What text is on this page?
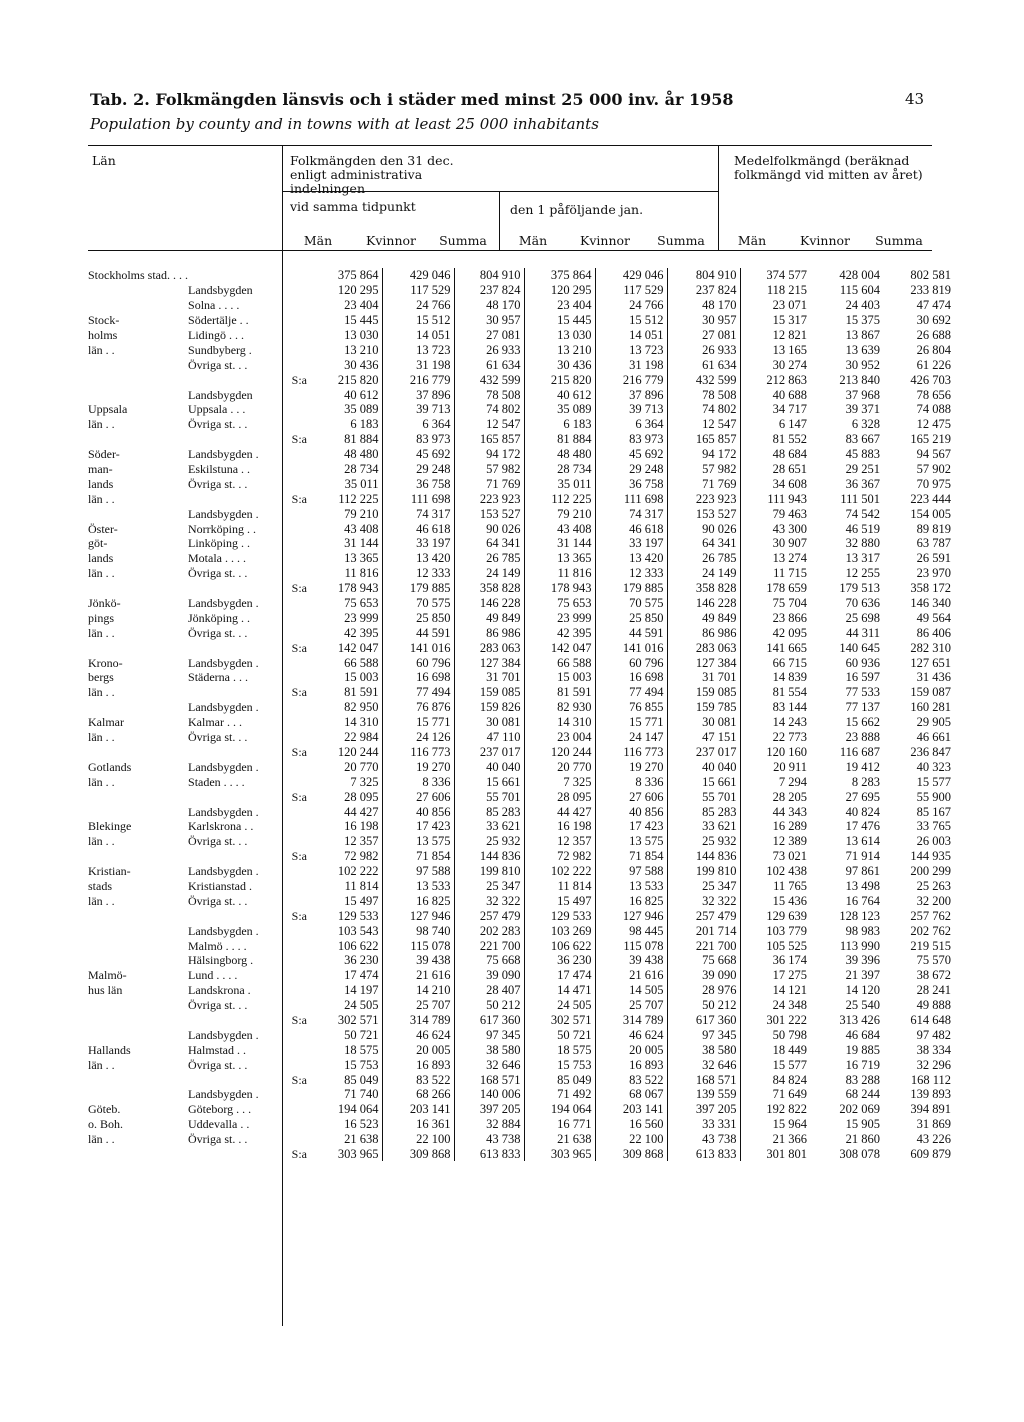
Tab. 2. Folkmängden länsvis och i städer med minst 25 000 inv. år 1958	43
Population by county and in towns with at least 25 000 inhabitants
Län	Folkmängden den 31 dec. enligt administrativa indelningen
Medelfolkmängd (beräknad folkmängd vid mitten av året)
vid samma tidpunkt	den 1 påföljande jan.
Män	Kvinnor	Summa	Män	Kvinnor	Summa	Män	Kvinnor	Summa
Stockholms stad. . . .		375 864	429 046	804 910	375 864	429 046	804 910	374 577	428 004	802 581
	Landsbygden	120 295	117 529	237 824	120 295	117 529	237 824	118 215	115 604	233 819
	Solna . . . .	23 404	24 766	48 170	23 404	24 766	48 170	23 071	24 403	47 474
Stock-	Södertälje . .	15 445	15 512	30 957	15 445	15 512	30 957	15 317	15 375	30 692
holms	Lidingö . . .	13 030	14 051	27 081	13 030	14 051	27 081	12 821	13 867	26 688
län . .	Sundbyberg .	13 210	13 723	26 933	13 210	13 723	26 933	13 165	13 639	26 804
	Övriga st. . .	30 436	31 198	61 634	30 436	31 198	61 634	30 274	30 952	61 226
	S:a	215 820	216 779	432 599	215 820	216 779	432 599	212 863	213 840	426 703
	Landsbygden	40 612	37 896	78 508	40 612	37 896	78 508	40 688	37 968	78 656
Uppsala	Uppsala . . .	35 089	39 713	74 802	35 089	39 713	74 802	34 717	39 371	74 088
län . .	Övriga st. . .	6 183	6 364	12 547	6 183	6 364	12 547	6 147	6 328	12 475
	S:a	81 884	83 973	165 857	81 884	83 973	165 857	81 552	83 667	165 219
Söder-	Landsbygden .	48 480	45 692	94 172	48 480	45 692	94 172	48 684	45 883	94 567
man-	Eskilstuna . .	28 734	29 248	57 982	28 734	29 248	57 982	28 651	29 251	57 902
lands	Övriga st. . .	35 011	36 758	71 769	35 011	36 758	71 769	34 608	36 367	70 975
län . .	S:a	112 225	111 698	223 923	112 225	111 698	223 923	111 943	111 501	223 444
	Landsbygden .	79 210	74 317	153 527	79 210	74 317	153 527	79 463	74 542	154 005
Öster-	Norrköping . .	43 408	46 618	90 026	43 408	46 618	90 026	43 300	46 519	89 819
göt-	Linköping . .	31 144	33 197	64 341	31 144	33 197	64 341	30 907	32 880	63 787
lands	Motala . . . .	13 365	13 420	26 785	13 365	13 420	26 785	13 274	13 317	26 591
län . .	Övriga st. . .	11 816	12 333	24 149	11 816	12 333	24 149	11 715	12 255	23 970
	S:a	178 943	179 885	358 828	178 943	179 885	358 828	178 659	179 513	358 172
Jönkö-	Landsbygden .	75 653	70 575	146 228	75 653	70 575	146 228	75 704	70 636	146 340
pings	Jönköping . .	23 999	25 850	49 849	23 999	25 850	49 849	23 866	25 698	49 564
län . .	Övriga st. . .	42 395	44 591	86 986	42 395	44 591	86 986	42 095	44 311	86 406
	S:a	142 047	141 016	283 063	142 047	141 016	283 063	141 665	140 645	282 310
Krono-	Landsbygden .	66 588	60 796	127 384	66 588	60 796	127 384	66 715	60 936	127 651
bergs	Städerna . . .	15 003	16 698	31 701	15 003	16 698	31 701	14 839	16 597	31 436
län . .	S:a	81 591	77 494	159 085	81 591	77 494	159 085	81 554	77 533	159 087
	Landsbygden .	82 950	76 876	159 826	82 930	76 855	159 785	83 144	77 137	160 281
Kalmar	Kalmar . . .	14 310	15 771	30 081	14 310	15 771	30 081	14 243	15 662	29 905
län . .	Övriga st. . .	22 984	24 126	47 110	23 004	24 147	47 151	22 773	23 888	46 661
	S:a	120 244	116 773	237 017	120 244	116 773	237 017	120 160	116 687	236 847
Gotlands	Landsbygden .	20 770	19 270	40 040	20 770	19 270	40 040	20 911	19 412	40 323
län . .	Staden . . . .	7 325	8 336	15 661	7 325	8 336	15 661	7 294	8 283	15 577
	S:a	28 095	27 606	55 701	28 095	27 606	55 701	28 205	27 695	55 900
	Landsbygden .	44 427	40 856	85 283	44 427	40 856	85 283	44 343	40 824	85 167
Blekinge	Karlskrona . .	16 198	17 423	33 621	16 198	17 423	33 621	16 289	17 476	33 765
län . .	Övriga st. . .	12 357	13 575	25 932	12 357	13 575	25 932	12 389	13 614	26 003
	S:a	72 982	71 854	144 836	72 982	71 854	144 836	73 021	71 914	144 935
Kristian-	Landsbygden .	102 222	97 588	199 810	102 222	97 588	199 810	102 438	97 861	200 299
stads	Kristianstad .	11 814	13 533	25 347	11 814	13 533	25 347	11 765	13 498	25 263
län . .	Övriga st. . .	15 497	16 825	32 322	15 497	16 825	32 322	15 436	16 764	32 200
	S:a	129 533	127 946	257 479	129 533	127 946	257 479	129 639	128 123	257 762
	Landsbygden .	103 543	98 740	202 283	103 269	98 445	201 714	103 779	98 983	202 762
	Malmö . . . .	106 622	115 078	221 700	106 622	115 078	221 700	105 525	113 990	219 515
	Hälsingborg .	36 230	39 438	75 668	36 230	39 438	75 668	36 174	39 396	75 570
Malmö-	Lund . . . .	17 474	21 616	39 090	17 474	21 616	39 090	17 275	21 397	38 672
hus län	Landskrona .	14 197	14 210	28 407	14 471	14 505	28 976	14 121	14 120	28 241
	Övriga st. . .	24 505	25 707	50 212	24 505	25 707	50 212	24 348	25 540	49 888
	S:a	302 571	314 789	617 360	302 571	314 789	617 360	301 222	313 426	614 648
	Landsbygden .	50 721	46 624	97 345	50 721	46 624	97 345	50 798	46 684	97 482
Hallands	Halmstad . .	18 575	20 005	38 580	18 575	20 005	38 580	18 449	19 885	38 334
län . .	Övriga st. . .	15 753	16 893	32 646	15 753	16 893	32 646	15 577	16 719	32 296
	S:a	85 049	83 522	168 571	85 049	83 522	168 571	84 824	83 288	168 112
	Landsbygden .	71 740	68 266	140 006	71 492	68 067	139 559	71 649	68 244	139 893
Göteb.	Göteborg . . .	194 064	203 141	397 205	194 064	203 141	397 205	192 822	202 069	394 891
o. Boh.	Uddevalla . .	16 523	16 361	32 884	16 771	16 560	33 331	15 964	15 905	31 869
län . .	Övriga st. . .	21 638	22 100	43 738	21 638	22 100	43 738	21 366	21 860	43 226
	S:a	303 965	309 868	613 833	303 965	309 868	613 833	301 801	308 078	609 879
